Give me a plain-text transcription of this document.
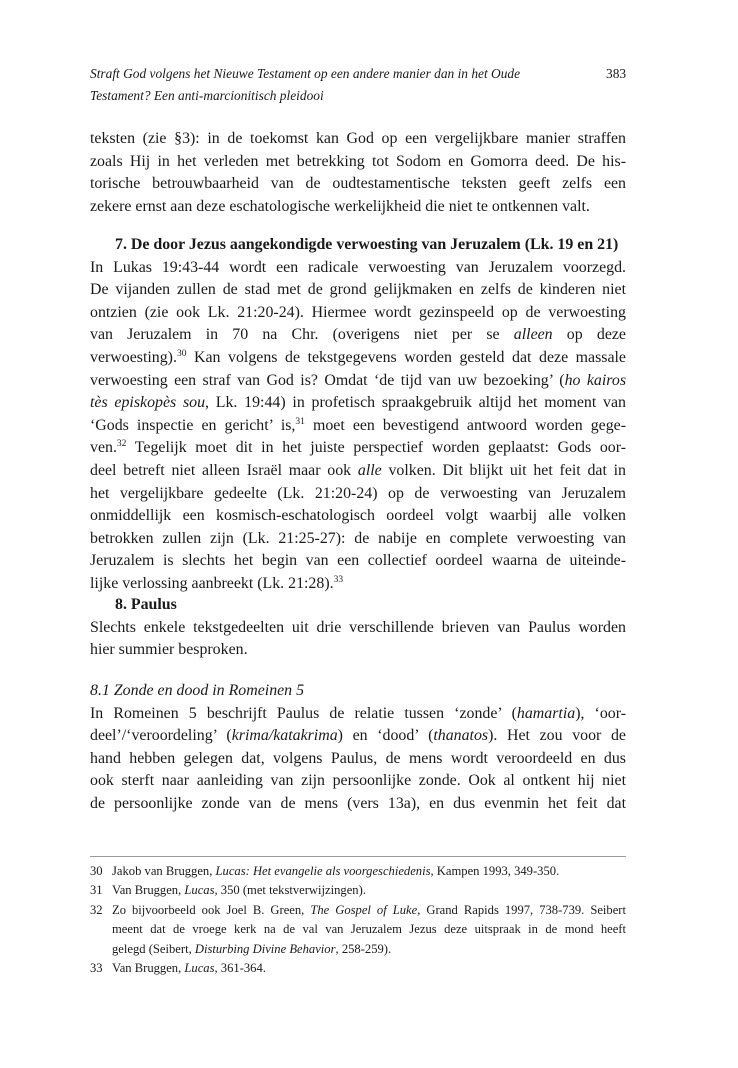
Straft God volgens het Nieuwe Testament op een andere manier dan in het Oude
Testament? Een anti-marcionitisch pleidooi
383
teksten (zie §3): in de toekomst kan God op een vergelijkbare manier straffen
zoals Hij in het verleden met betrekking tot Sodom en Gomorra deed. De his-
torische betrouwbaarheid van de oudtestamentische teksten geeft zelfs een
zekere ernst aan deze eschatologische werkelijkheid die niet te ontkennen valt.
7. De door Jezus aangekondigde verwoesting van Jeruzalem (Lk. 19 en 21)
In Lukas 19:43-44 wordt een radicale verwoesting van Jeruzalem voorzegd.
De vijanden zullen de stad met de grond gelijkmaken en zelfs de kinderen niet
ontzien (zie ook Lk. 21:20-24). Hiermee wordt gezinspeeld op de verwoesting
van Jeruzalem in 70 na Chr. (overigens niet per se alleen op deze
verwoesting).$^{30}$ Kan volgens de tekstgegevens worden gesteld dat deze massale
verwoesting een straf van God is? Omdat ‘de tijd van uw bezoeking’ (ho kairos
tès episkopès sou, Lk. 19:44) in profetisch spraakgebruik altijd het moment van
‘Gods inspectie en gericht’ is,$^{31}$ moet een bevestigend antwoord worden gege-
ven.$^{32}$ Tegelijk moet dit in het juiste perspectief worden geplaatst: Gods oor-
deel betreft niet alleen Israël maar ook alle volken. Dit blijkt uit het feit dat in
het vergelijkbare gedeelte (Lk. 21:20-24) op de verwoesting van Jeruzalem
onmiddellijk een kosmisch-eschatologisch oordeel volgt waarbij alle volken
betrokken zullen zijn (Lk. 21:25-27): de nabije en complete verwoesting van
Jeruzalem is slechts het begin van een collectief oordeel waarna de uiteinde-
lijke verlossing aanbreekt (Lk. 21:28).$^{33}$
8. Paulus
Slechts enkele tekstgedeelten uit drie verschillende brieven van Paulus worden
hier summier besproken.
8.1 Zonde en dood in Romeinen 5
In Romeinen 5 beschrijft Paulus de relatie tussen ‘zonde’ (hamartia), ‘oor-
deel’/‘veroordeling’ (krima/katakrima) en ‘dood’ (thanatos). Het zou voor de
hand hebben gelegen dat, volgens Paulus, de mens wordt veroordeeld en dus
ook sterft naar aanleiding van zijn persoonlijke zonde. Ook al ontkent hij niet
de persoonlijke zonde van de mens (vers 13a), en dus evenmin het feit dat
30 Jakob van Bruggen, Lucas: Het evangelie als voorgeschiedenis, Kampen 1993, 349-350.
31 Van Bruggen, Lucas, 350 (met tekstverwijzingen).
32 Zo bijvoorbeeld ook Joel B. Green, The Gospel of Luke, Grand Rapids 1997, 738-739. Seibert
meent dat de vroege kerk na de val van Jeruzalem Jezus deze uitspraak in de mond heeft
gelegd (Seibert, Disturbing Divine Behavior, 258-259).
33 Van Bruggen, Lucas, 361-364.
